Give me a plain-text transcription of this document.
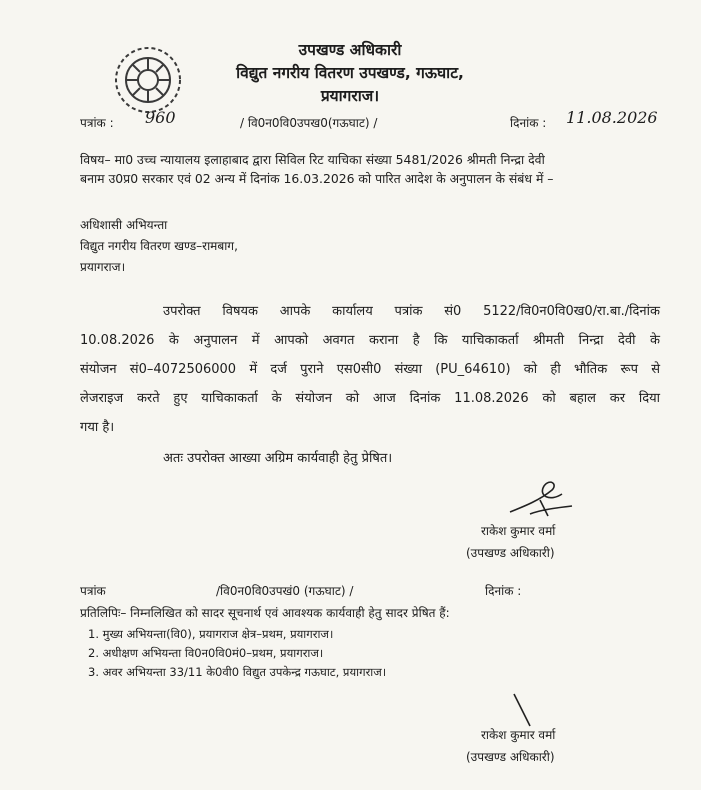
उपखण्ड अधिकारी
विद्युत नगरीय वितरण उपखण्ड, गऊघाट,
प्रयागराज।
पत्रांक : 960	/ वि0न0वि0उपख0(गऊघाट) /	दिनांक : 11.08.2026
विषय– मा0 उच्च न्यायालय इलाहाबाद द्वारा सिविल रिट याचिका संख्या 5481/2026 श्रीमती निन्द्रा देवी
बनाम उ0प्र0 सरकार एवं 02 अन्य में दिनांक 16.03.2026 को पारित आदेश के अनुपालन के संबंध में –
अधिशासी अभियन्ता
विद्युत नगरीय वितरण खण्ड–रामबाग,
प्रयागराज।
उपरोक्त विषयक आपके कार्यालय पत्रांक सं0 5122/वि0न0वि0ख0/रा.बा./दिनांक
10.08.2026 के अनुपालन में आपको अवगत कराना है कि याचिकाकर्ता श्रीमती निन्द्रा देवी के
संयोजन सं0–4072506000 में दर्ज पुराने एस0सी0 संख्या (PU_64610) को ही भौतिक रूप से
लेजराइज करते हुए याचिकाकर्ता के संयोजन को आज दिनांक 11.08.2026 को बहाल कर दिया
गया है।
अतः उपरोक्त आख्या अग्रिम कार्यवाही हेतु प्रेषित।
राकेश कुमार वर्मा
(उपखण्ड अधिकारी)
पत्रांक	/वि0न0वि0उपखं0 (गऊघाट) /	दिनांक :
प्रतिलिपिः– निम्नलिखित को सादर सूचनार्थ एवं आवश्यक कार्यवाही हेतु सादर प्रेषित हैं:
1. मुख्य अभियन्ता(वि0), प्रयागराज क्षेत्र–प्रथम, प्रयागराज।
2. अधीक्षण अभियन्ता वि0न0वि0मं0–प्रथम, प्रयागराज।
3. अवर अभियन्ता 33/11 के0वी0 विद्युत उपकेन्द्र गऊघाट, प्रयागराज।
राकेश कुमार वर्मा
(उपखण्ड अधिकारी)
